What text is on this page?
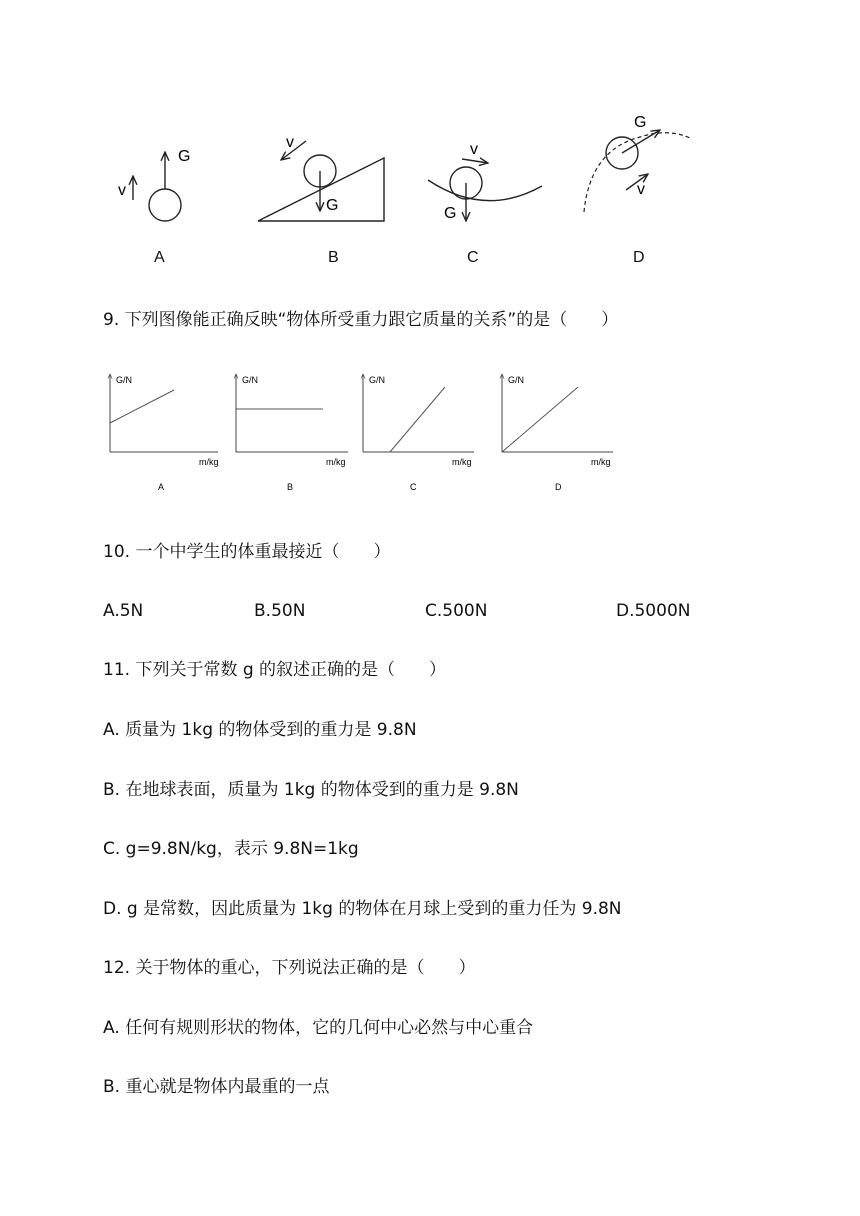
G
v
G
v
G
v
G
v
A	B	C	D
9. 下列图像能正确反映“物体所受重力跟它质量的关系”的是（　　）
G/N
m/kg
A
G/N
m/kg
B
G/N
m/kg
C
G/N
m/kg
D
10. 一个中学生的体重最接近（　　）
A.5N	B.50N	C.500N	D.5000N
11. 下列关于常数 g 的叙述正确的是（　　）
A. 质量为 1kg 的物体受到的重力是 9.8N
B. 在地球表面，质量为 1kg 的物体受到的重力是 9.8N
C. g=9.8N/kg，表示 9.8N=1kg
D. g 是常数，因此质量为 1kg 的物体在月球上受到的重力任为 9.8N
12. 关于物体的重心，下列说法正确的是（　　）
A. 任何有规则形状的物体，它的几何中心必然与中心重合
B. 重心就是物体内最重的一点
